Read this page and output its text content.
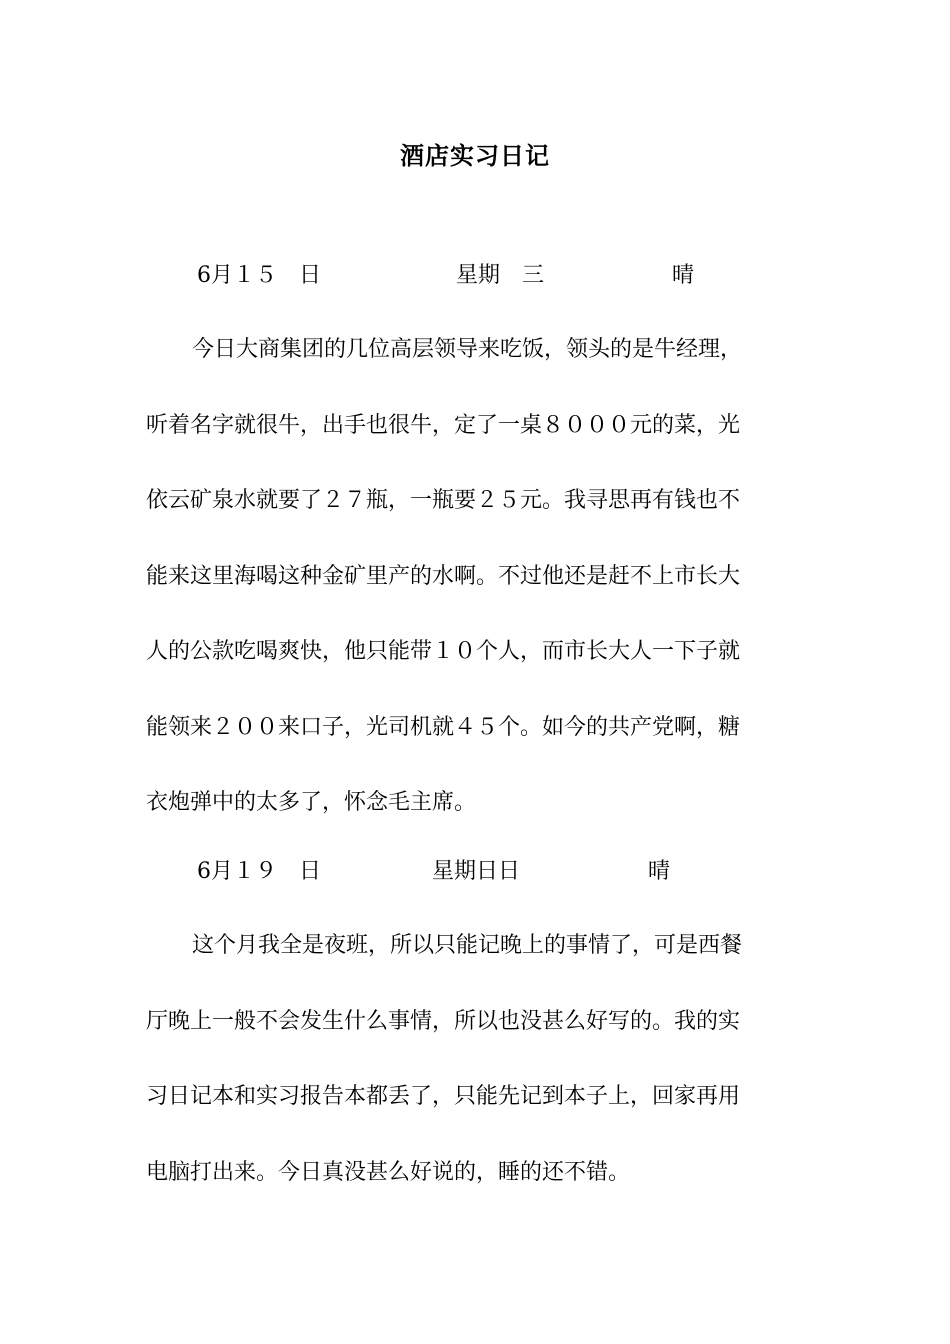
酒店实习日记
6月１５　日	星期　三	晴
今日大商集团的几位高层领导来吃饭，领头的是牛经理，
听着名字就很牛，出手也很牛，定了一桌８０００元的菜，光
依云矿泉水就要了２７瓶，一瓶要２５元。我寻思再有钱也不
能来这里海喝这种金矿里产的水啊。不过他还是赶不上市长大
人的公款吃喝爽快，他只能带１０个人，而市长大人一下子就
能领来２００来口子，光司机就４５个。如今的共产党啊，糖
衣炮弹中的太多了，怀念毛主席。
6月１９　日	星期日日	晴
这个月我全是夜班，所以只能记晚上的事情了，可是西餐
厅晚上一般不会发生什么事情，所以也没甚么好写的。我的实
习日记本和实习报告本都丢了，只能先记到本子上，回家再用
电脑打出来。今日真没甚么好说的，睡的还不错。
